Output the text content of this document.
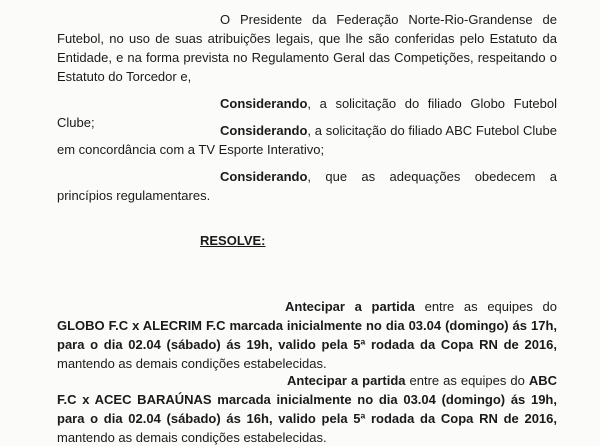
O Presidente da Federação Norte-Rio-Grandense de Futebol, no uso de suas atribuições legais, que lhe são conferidas pelo Estatuto da Entidade, e na forma prevista no Regulamento Geral das Competições, respeitando o Estatuto do Torcedor e,

Considerando, a solicitação do filiado Globo Futebol Clube;

Considerando, a solicitação do filiado ABC Futebol Clube em concordância com a TV Esporte Interativo;

Considerando, que as adequações obedecem a princípios regulamentares.

RESOLVE:

Antecipar a partida entre as equipes do GLOBO F.C x ALECRIM F.C marcada inicialmente no dia 03.04 (domingo) ás 17h, para o dia 02.04 (sábado) ás 19h, valido pela 5ª rodada da Copa RN de 2016, mantendo as demais condições estabelecidas.

Antecipar a partida entre as equipes do ABC F.C x ACEC BARAÚNAS marcada inicialmente no dia 03.04 (domingo) ás 19h, para o dia 02.04 (sábado) ás 16h, valido pela 5ª rodada da Copa RN de 2016, mantendo as demais condições estabelecidas.
